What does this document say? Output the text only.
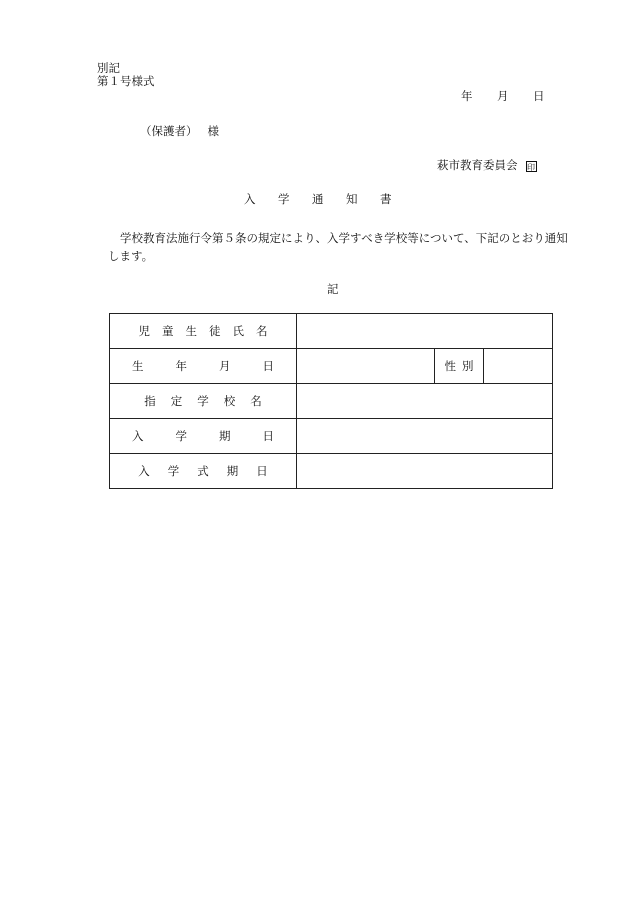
別記
第１号様式
年 月 日
（保護者） 様
萩市教育委員会 印
入 学 通 知 書
学校教育法施行令第５条の規定により、入学すべき学校等について、下記のとおり通知します。
記
児童生徒氏名			
生年月日		性別	
指定学校名			
入学期日			
入学式期日			
